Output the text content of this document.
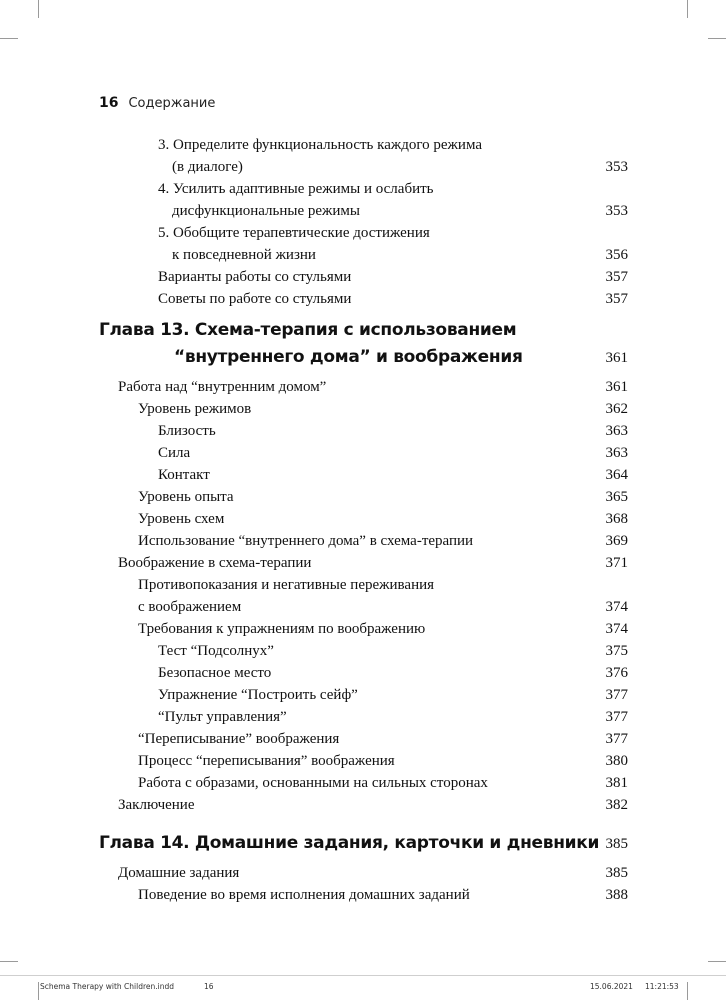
16 Содержание
3. Определите функциональность каждого режима
(в диалоге)	353
4. Усилить адаптивные режимы и ослабить
дисфункциональные режимы	353
5. Обобщите терапевтические достижения
к повседневной жизни	356
Варианты работы со стульями	357
Советы по работе со стульями	357
Глава 13. Схема-терапия с использованием
“внутреннего дома” и воображения	361
Работа над “внутренним домом”	361
Уровень режимов	362
Близость	363
Сила	363
Контакт	364
Уровень опыта	365
Уровень схем	368
Использование “внутреннего дома” в схема-терапии	369
Воображение в схема-терапии	371
Противопоказания и негативные переживания
с воображением	374
Требования к упражнениям по воображению	374
Тест “Подсолнух”	375
Безопасное место	376
Упражнение “Построить сейф”	377
“Пульт управления”	377
“Переписывание” воображения	377
Процесс “переписывания” воображения	380
Работа с образами, основанными на сильных сторонах	381
Заключение	382
Глава 14. Домашние задания, карточки и дневники 385
Домашние задания	385
Поведение во время исполнения домашних заданий	388
Schema Therapy with Children.indd	16	15.06.2021 11:21:53
